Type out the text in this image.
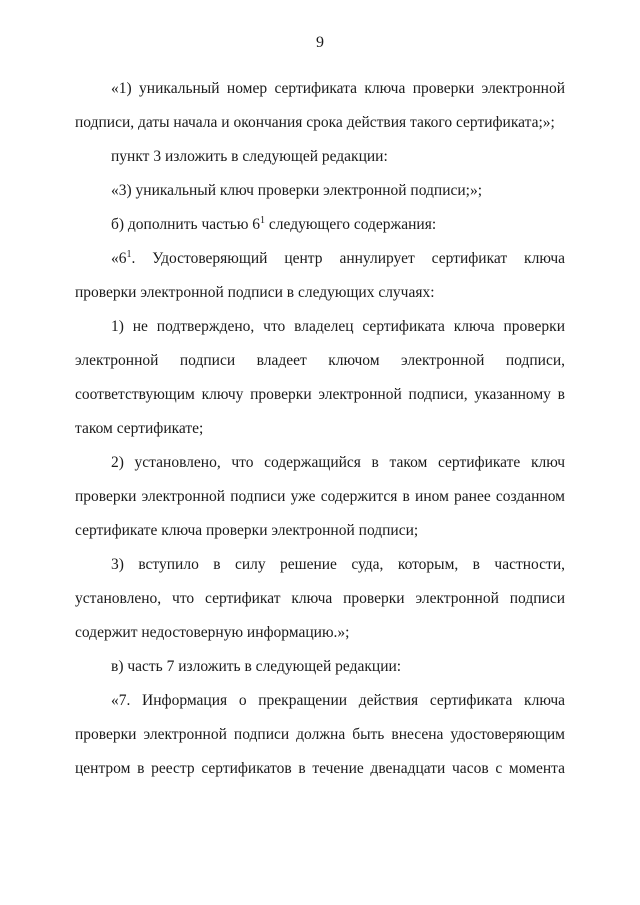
9

«1) уникальный номер сертификата ключа проверки электронной подписи, даты начала и окончания срока действия такого сертификата;»;

пункт 3 изложить в следующей редакции:

«3) уникальный ключ проверки электронной подписи;»;

б) дополнить частью $6^1$ следующего содержания:

«$6^1$. Удостоверяющий центр аннулирует сертификат ключа проверки электронной подписи в следующих случаях:

1) не подтверждено, что владелец сертификата ключа проверки электронной подписи владеет ключом электронной подписи, соответствующим ключу проверки электронной подписи, указанному в таком сертификате;

2) установлено, что содержащийся в таком сертификате ключ проверки электронной подписи уже содержится в ином ранее созданном сертификате ключа проверки электронной подписи;

3) вступило в силу решение суда, которым, в частности, установлено, что сертификат ключа проверки электронной подписи содержит недостоверную информацию.»;

в) часть 7 изложить в следующей редакции:

«7. Информация о прекращении действия сертификата ключа проверки электронной подписи должна быть внесена удостоверяющим центром в реестр сертификатов в течение двенадцати часов с момента
